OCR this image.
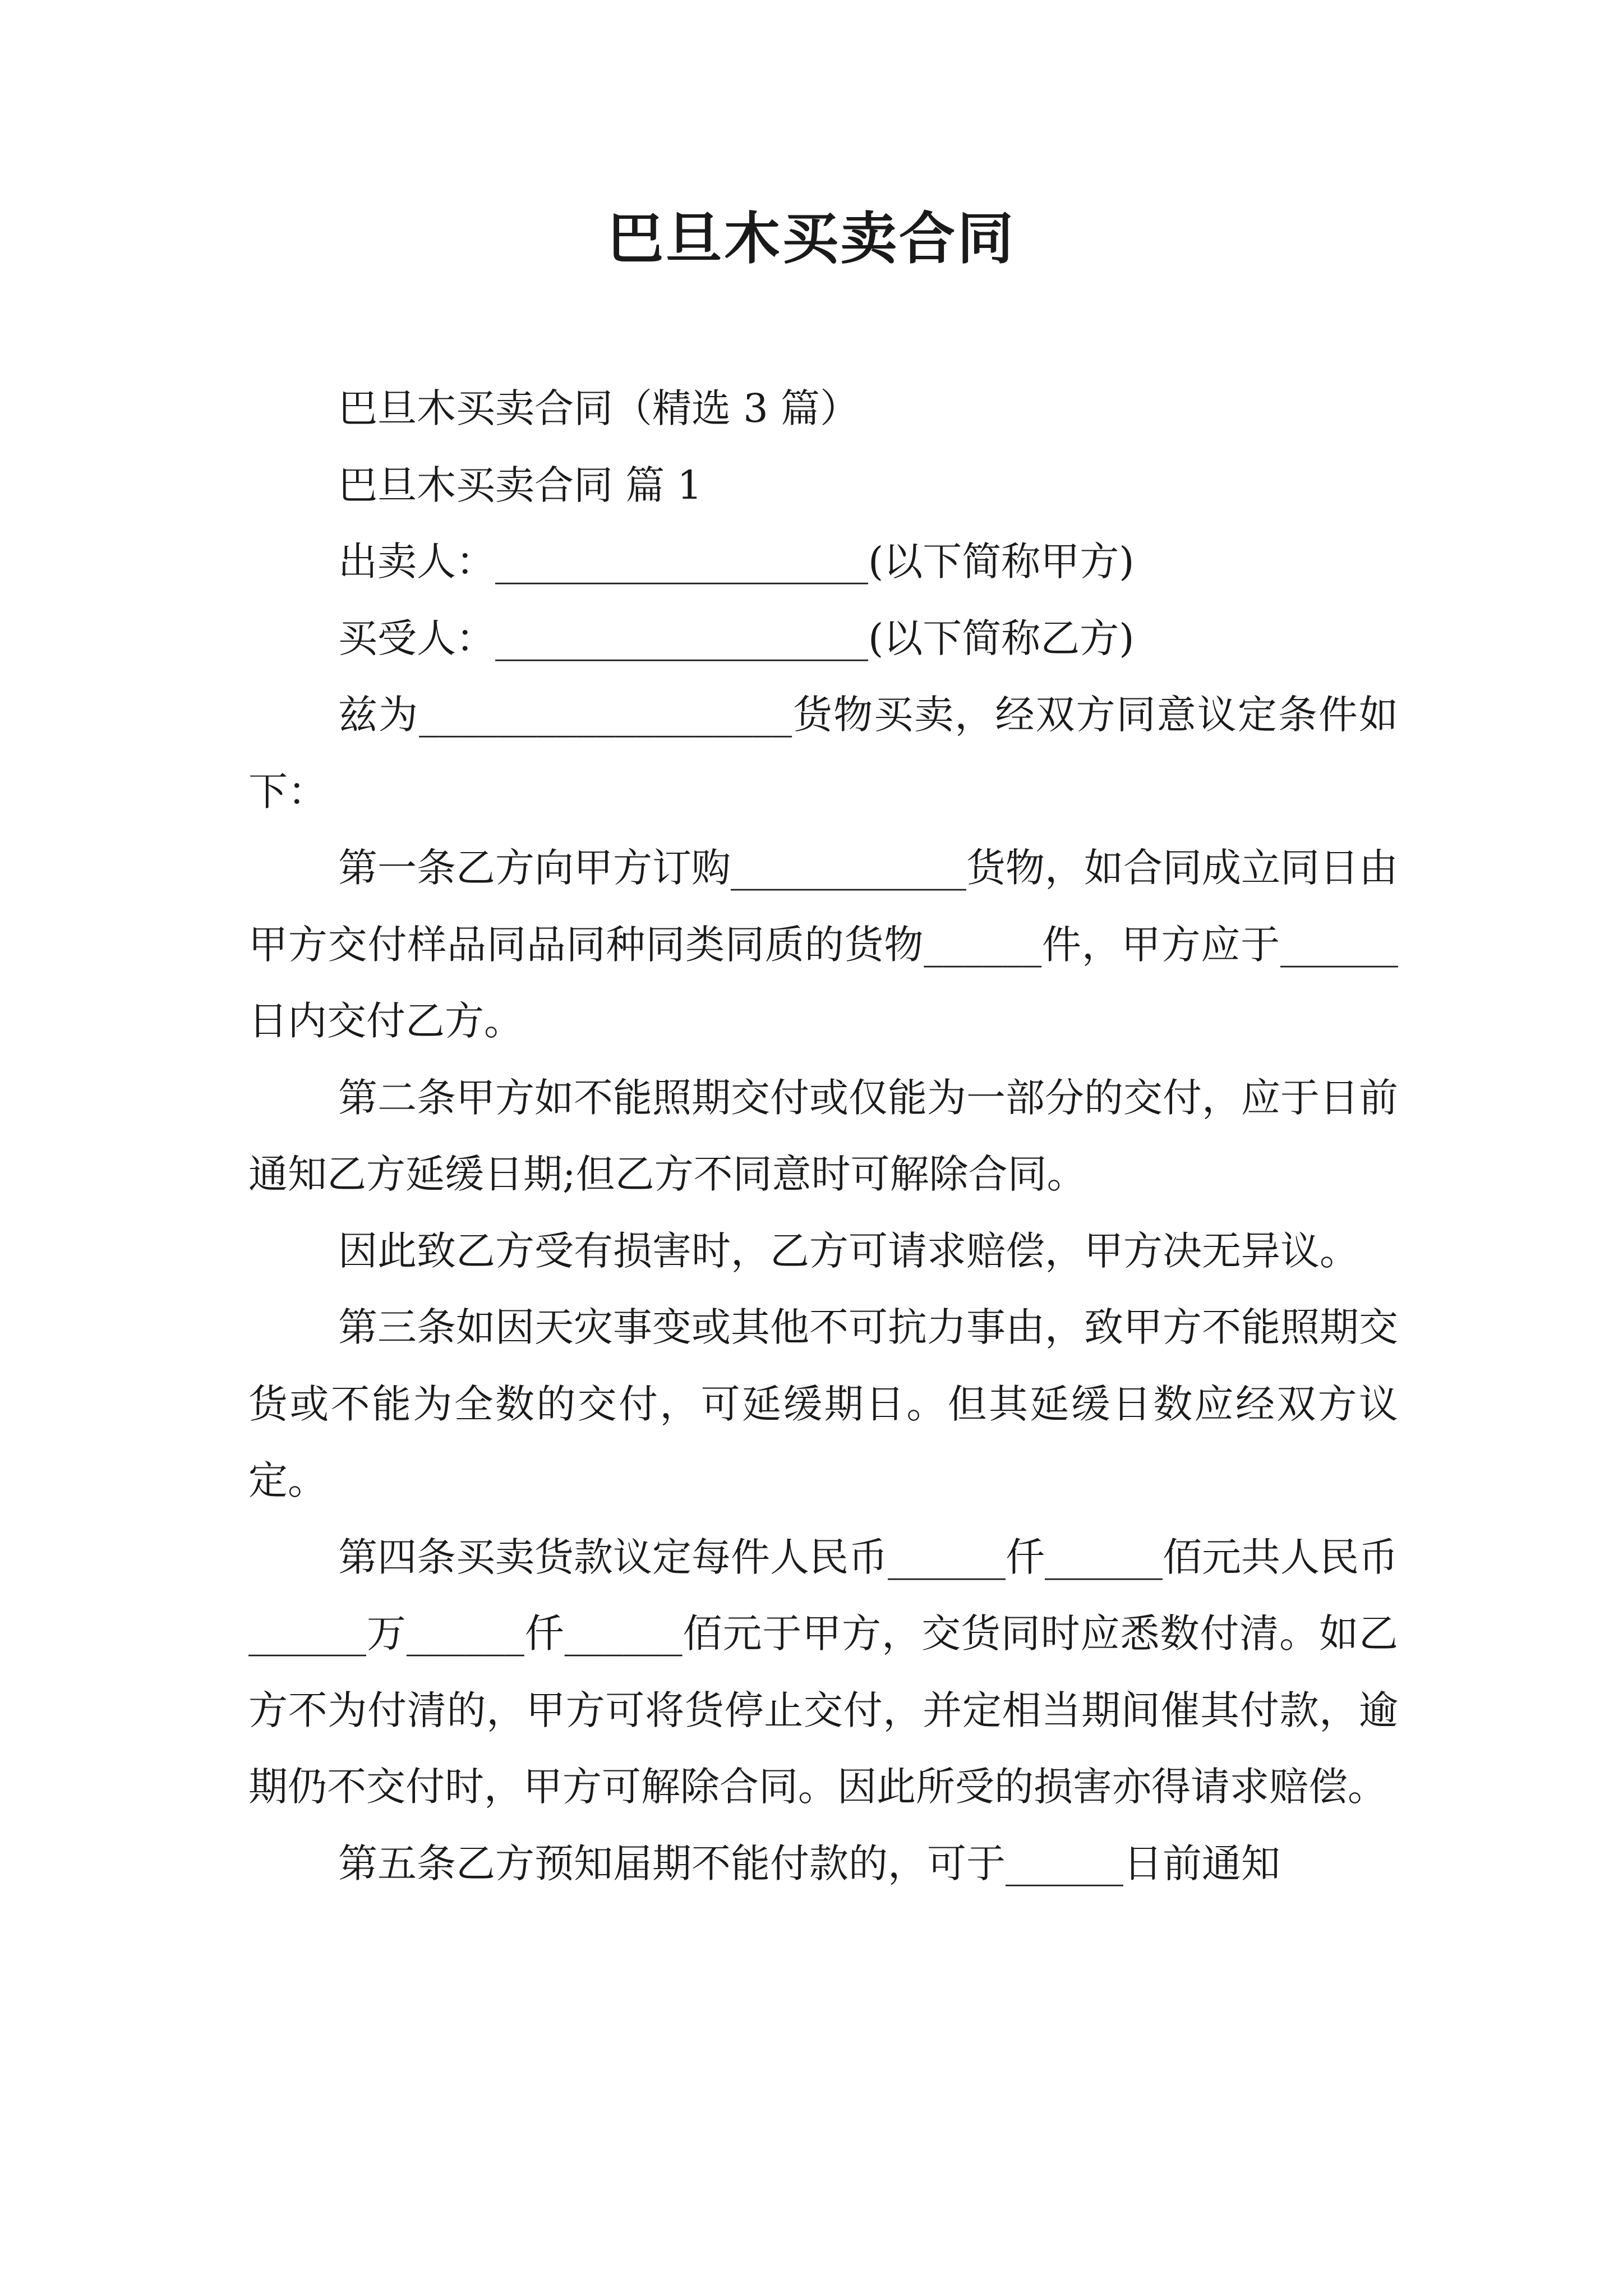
巴旦木买卖合同

巴旦木买卖合同（精选 3 篇）

巴旦木买卖合同 篇 1

出卖人：___________________(以下简称甲方)

买受人：___________________(以下简称乙方)

兹为___________________货物买卖，经双方同意议定条件如下：

第一条乙方向甲方订购____________货物，如合同成立同日由甲方交付样品同品同种同类同质的货物______件，甲方应于______日内交付乙方。

第二条甲方如不能照期交付或仅能为一部分的交付，应于日前通知乙方延缓日期;但乙方不同意时可解除合同。

因此致乙方受有损害时，乙方可请求赔偿，甲方决无异议。

第三条如因天灾事变或其他不可抗力事由，致甲方不能照期交货或不能为全数的交付，可延缓期日。但其延缓日数应经双方议定。

第四条买卖货款议定每件人民币______仟______佰元共人民币______万______仟______佰元于甲方，交货同时应悉数付清。如乙方不为付清的，甲方可将货停止交付，并定相当期间催其付款，逾期仍不交付时，甲方可解除合同。因此所受的损害亦得请求赔偿。

第五条乙方预知届期不能付款的，可于______日前通知
